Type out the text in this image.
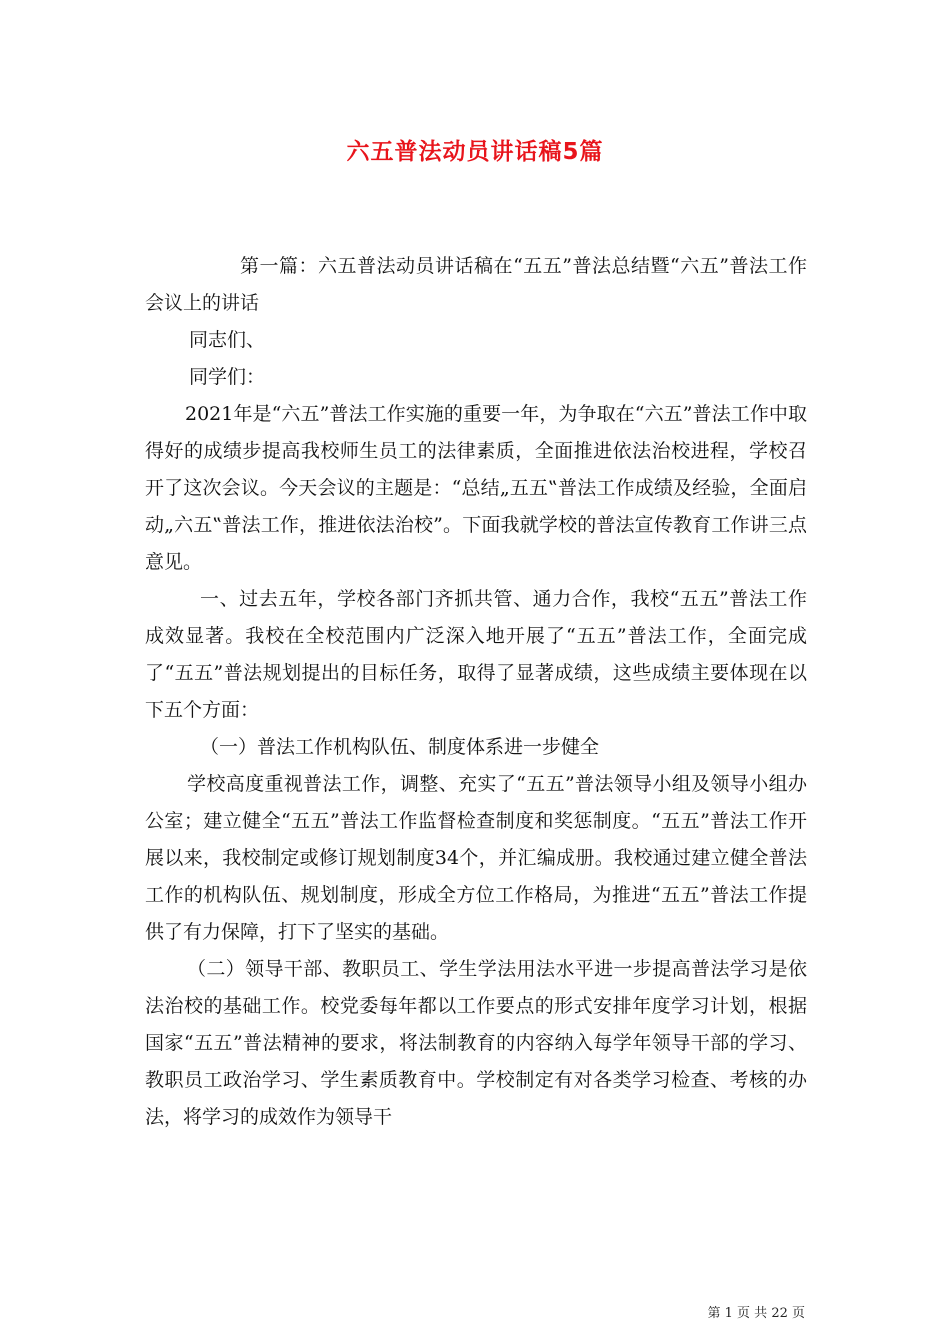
六五普法动员讲话稿5篇

第一篇：六五普法动员讲话稿在“五五”普法总结暨“六五”普法工作会议上的讲话

同志们、

同学们：

2021年是“六五”普法工作实施的重要一年，为争取在“六五”普法工作中取得好的成绩步提高我校师生员工的法律素质，全面推进依法治校进程，学校召开了这次会议。今天会议的主题是：“总结„五五‟普法工作成绩及经验，全面启动„六五‟普法工作，推进依法治校”。下面我就学校的普法宣传教育工作讲三点意见。

一、过去五年，学校各部门齐抓共管、通力合作，我校“五五”普法工作成效显著。我校在全校范围内广泛深入地开展了“五五”普法工作，全面完成了“五五”普法规划提出的目标任务，取得了显著成绩，这些成绩主要体现在以下五个方面：

（一）普法工作机构队伍、制度体系进一步健全

学校高度重视普法工作，调整、充实了“五五”普法领导小组及领导小组办公室；建立健全“五五”普法工作监督检查制度和奖惩制度。“五五”普法工作开展以来，我校制定或修订规划制度34个，并汇编成册。我校通过建立健全普法工作的机构队伍、规划制度，形成全方位工作格局，为推进“五五”普法工作提供了有力保障，打下了坚实的基础。

（二）领导干部、教职员工、学生学法用法水平进一步提高普法学习是依法治校的基础工作。校党委每年都以工作要点的形式安排年度学习计划，根据国家“五五”普法精神的要求，将法制教育的内容纳入每学年领导干部的学习、教职员工政治学习、学生素质教育中。学校制定有对各类学习检查、考核的办法，将学习的成效作为领导干

第 1 页 共 22 页
